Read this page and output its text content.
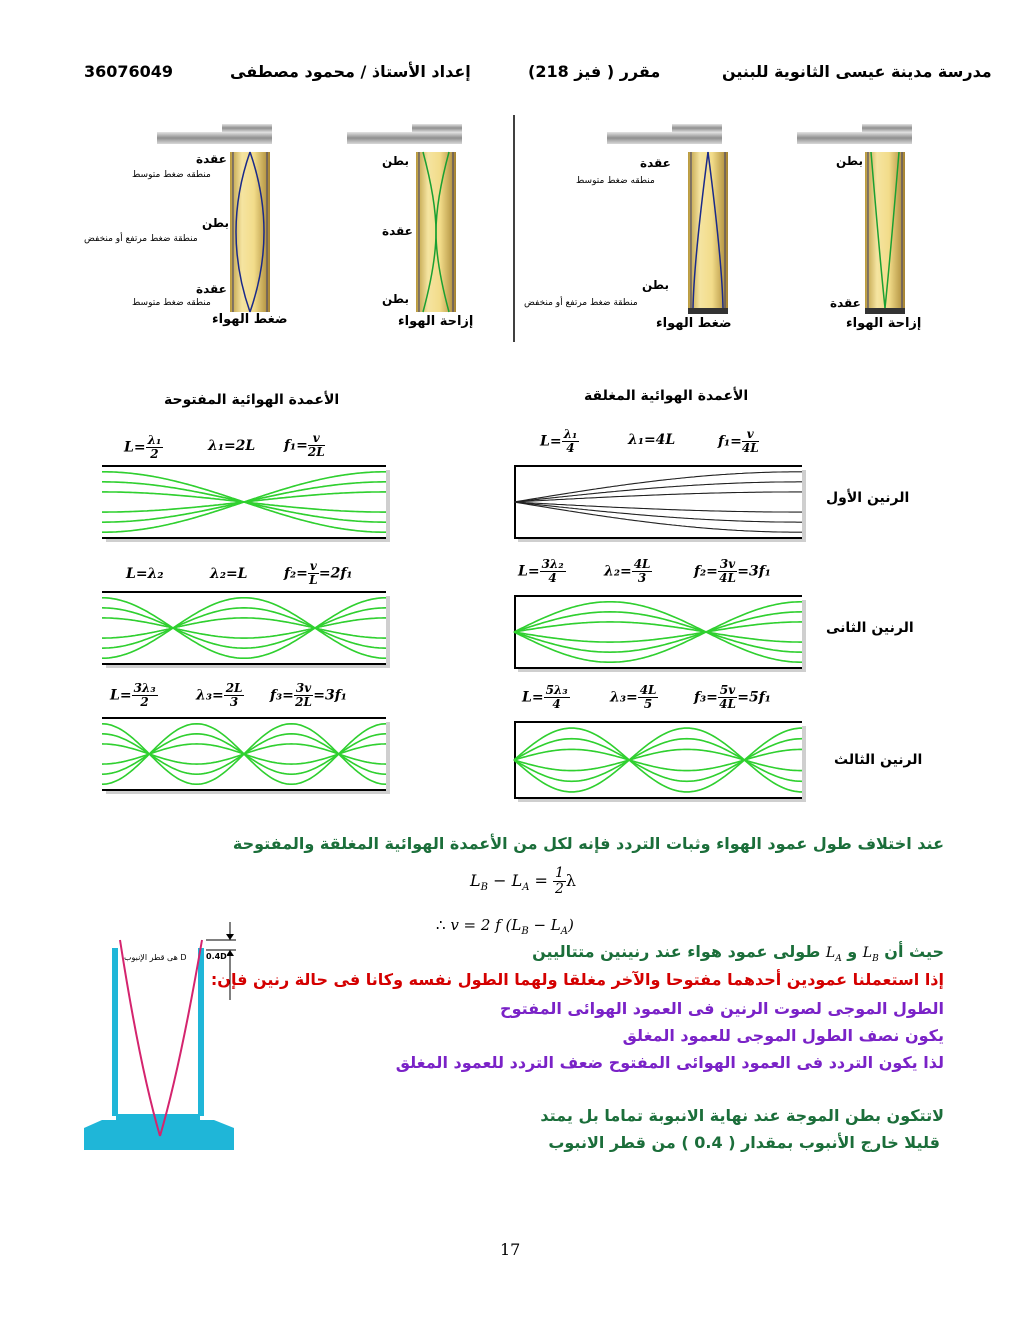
36076049	إعداد الأستاذ / محمود مصطفى	مقرر ( فيز 218)	مدرسة مدينة عيسى الثانوية للبنين
عقدة
منطقه ضغط متوسط
بطن
منطقة ضغط مرتفع أو منخفض
عقدة
منطقه ضغط متوسط
ضغط الهواء
بطن
عقدة
بطن
إزاحة الهواء
عقدة
منطقه ضغط متوسط
بطن
منطقة ضغط مرتفع أو منخفض
ضغط الهواء
بطن
عقدة
إزاحة الهواء
الأعمدة الهوائية المفتوحة	الأعمدة الهوائية المغلقة
$L= \frac{\text{λ₁}}{2}$	λ₁=2L $f_1= \frac{v}{2L}$
L=λ₂	λ₂=L	$f_2= \frac{v}{L} =2f_1$
$L= \frac{\text{3λ₃}}{2}$	$\lambda_3= \frac{2L}{3} f_3= \frac{3v}{2L} =3f_1$
$L= \frac{\text{λ₁}}{4}$	λ₁=4L	$f_1= \frac{v}{4L}$
$L= \frac{\text{3λ₂}}{4}$	$\lambda_2= \frac{4L}{3}$	$f_2= \frac{3v}{4L} =3f_1$
$L= \frac{\text{5λ₃}}{4}$	$\lambda_3= \frac{4L}{5}$	$f_3= \frac{5v}{4L} =5f_1$
الرنين الأول
الرنين الثانى
الرنين الثالث
عند اختلاف طول عمود الهواء وثبات التردد فإنه لكل من الأعمدة الهوائية المغلقة والمفتوحة
$L_B - L_A = \frac{1}{2}$ λ
∴ v = 2 f $(L_B - L_A)$
حيث أن $L_B$ و $L_A$ طولى عمود هواء عند رنينين متتاليين
إذا استعملنا عمودين أحدهما مفتوحا والآخر مغلقا ولهما الطول نفسه وكانا فى حالة رنين فإن:
الطول الموجى لصوت الرنين فى العمود الهوائى المفتوح
يكون نصف الطول الموجى للعمود المغلق
لذا يكون التردد فى العمود الهوائى المفتوح ضعف التردد للعمود المغلق
لاتتكون بطن الموجة عند نهاية الانبوبة تماما بل يمتد
قليلا خارج الأنبوب بمقدار ( 0.4 ) من قطر الانبوب
D هى قطر الإنبوب 0.4D
17
